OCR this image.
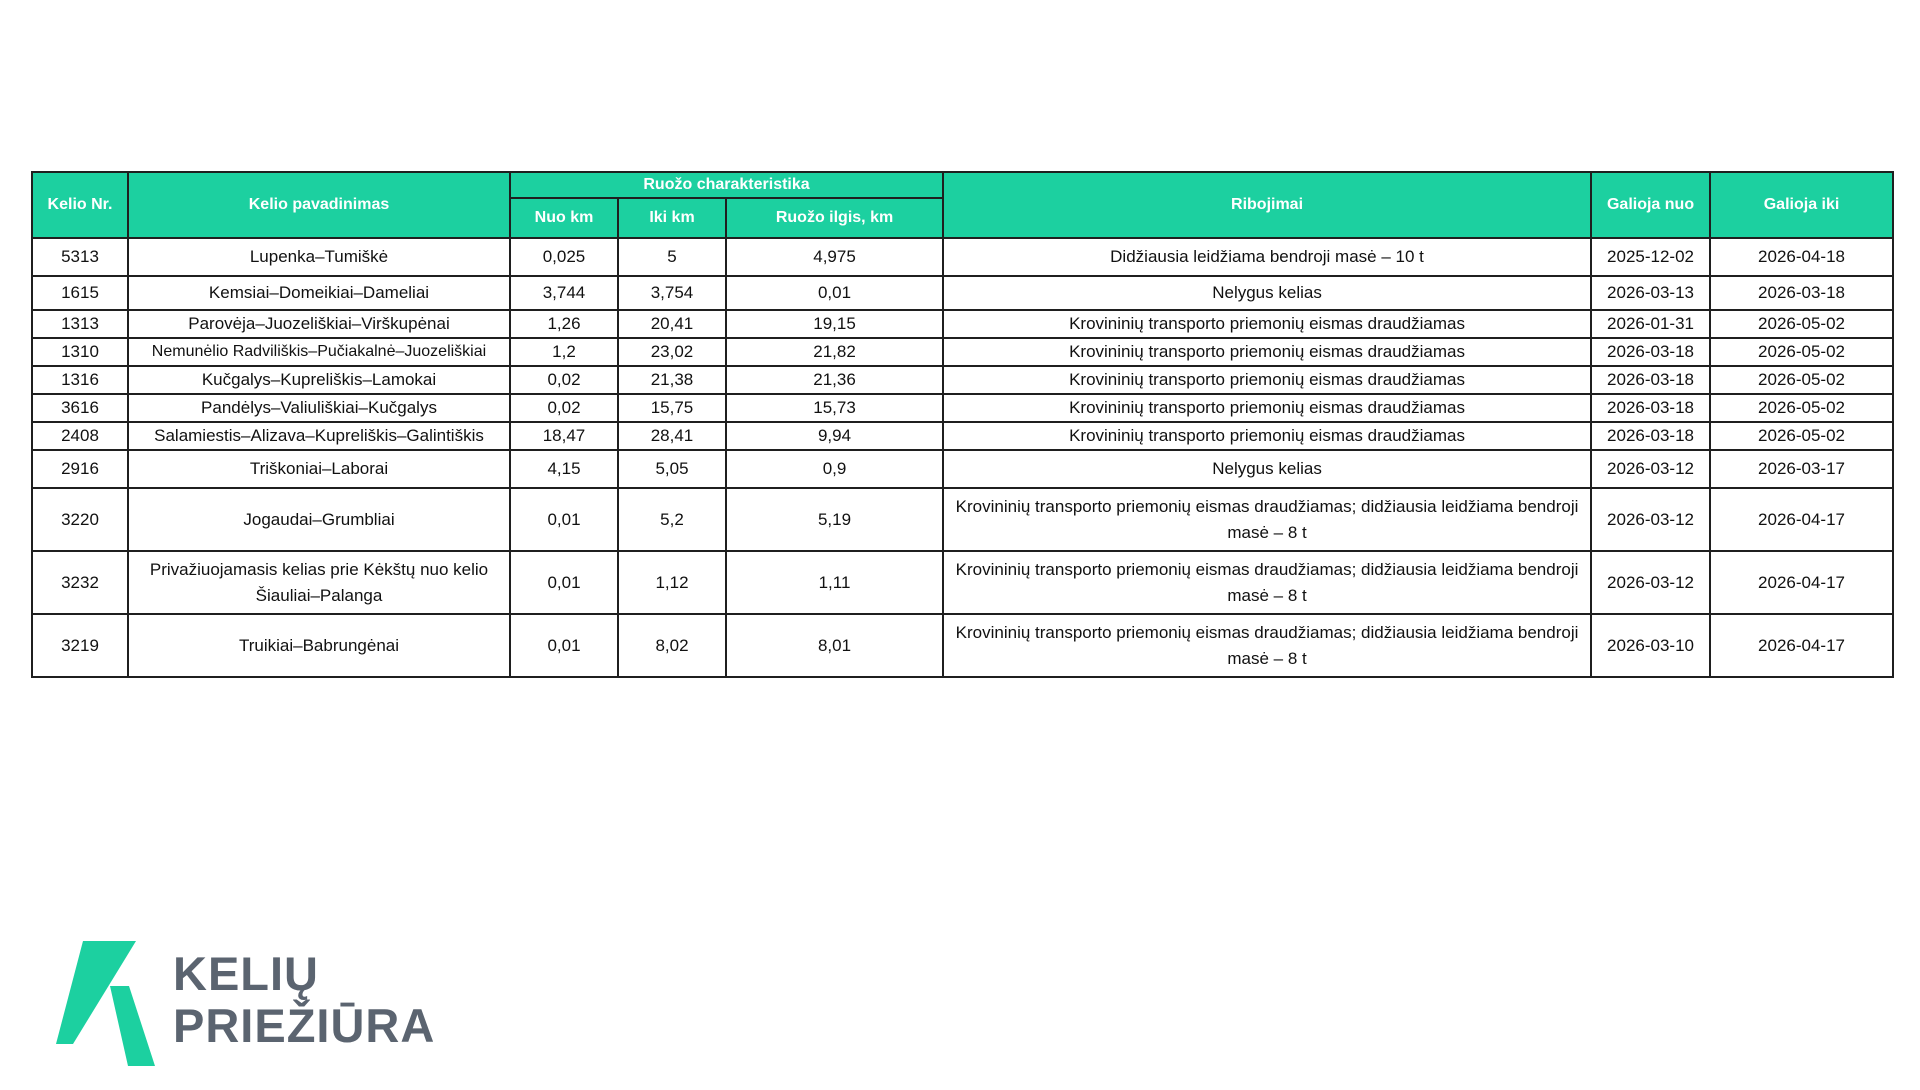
Kelio Nr.	Kelio pavadinimas	Ruožo charakteristika			Ribojimai	Galioja nuo	Galioja iki
		Nuo km	Iki km	Ruožo ilgis, km			
5313	Lupenka–Tumiškė	0,025	5	4,975	Didžiausia leidžiama bendroji masė – 10 t	2025-12-02	2026-04-18
1615	Kemsiai–Domeikiai–Dameliai	3,744	3,754	0,01	Nelygus kelias	2026-03-13	2026-03-18
1313	Parovėja–Juozeliškiai–Virškupėnai	1,26	20,41	19,15	Krovininių transporto priemonių eismas draudžiamas	2026-01-31	2026-05-02
1310	Nemunėlio Radviliškis–Pučiakalnė–Juozeliškiai	1,2	23,02	21,82	Krovininių transporto priemonių eismas draudžiamas	2026-03-18	2026-05-02
1316	Kučgalys–Kupreliškis–Lamokai	0,02	21,38	21,36	Krovininių transporto priemonių eismas draudžiamas	2026-03-18	2026-05-02
3616	Pandėlys–Valiuliškiai–Kučgalys	0,02	15,75	15,73	Krovininių transporto priemonių eismas draudžiamas	2026-03-18	2026-05-02
2408	Salamiestis–Alizava–Kupreliškis–Galintiškis	18,47	28,41	9,94	Krovininių transporto priemonių eismas draudžiamas	2026-03-18	2026-05-02
2916	Triškoniai–Laborai	4,15	5,05	0,9	Nelygus kelias	2026-03-12	2026-03-17
3220	Jogaudai–Grumbliai	0,01	5,2	5,19	Krovininių transporto priemonių eismas draudžiamas; didžiausia leidžiama bendroji masė – 8 t	2026-03-12	2026-04-17
3232	Privažiuojamasis kelias prie Kėkštų nuo kelio Šiauliai–Palanga	0,01	1,12	1,11	Krovininių transporto priemonių eismas draudžiamas; didžiausia leidžiama bendroji masė – 8 t	2026-03-12	2026-04-17
3219	Truikiai–Babrungėnai	0,01	8,02	8,01	Krovininių transporto priemonių eismas draudžiamas; didžiausia leidžiama bendroji masė – 8 t	2026-03-10	2026-04-17
KELIŲ
PRIEŽIŪRA
